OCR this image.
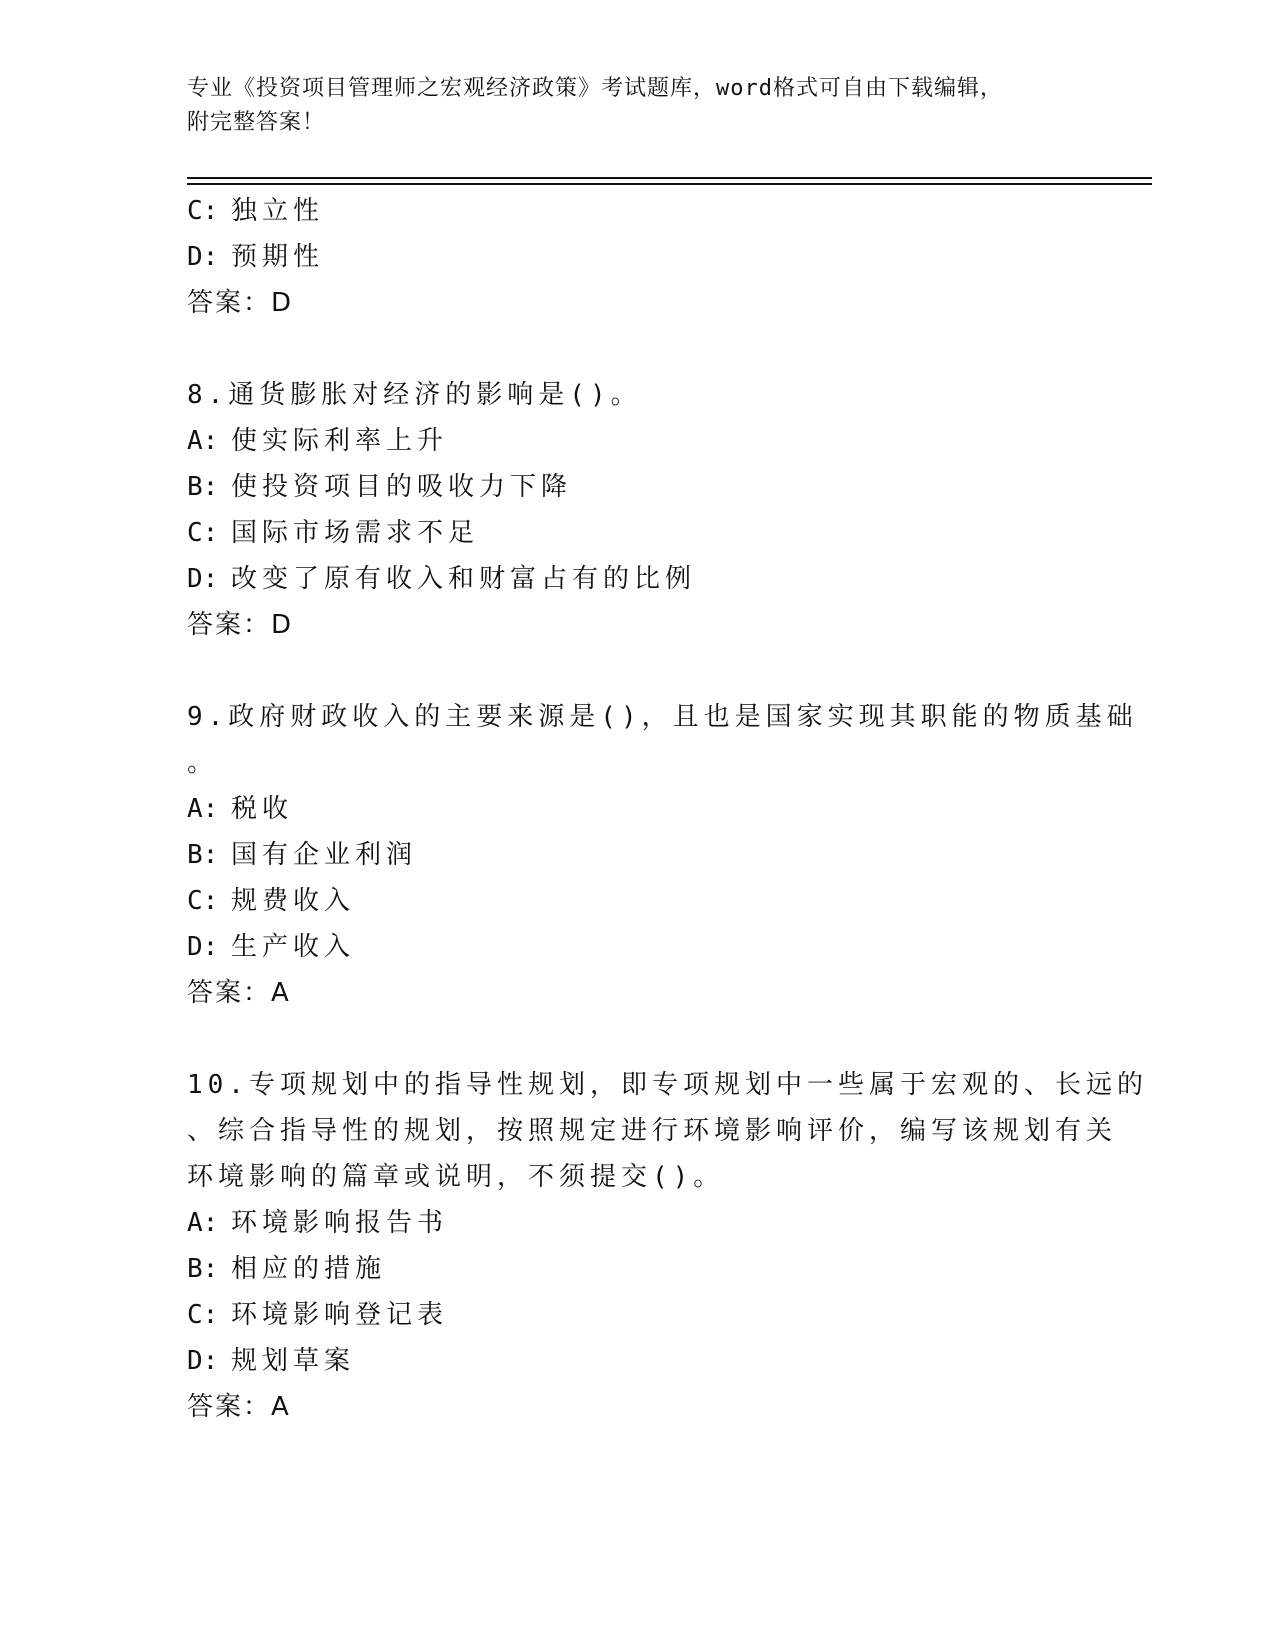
专业《投资项目管理师之宏观经济政策》考试题库，word格式可自由下载编辑，
附完整答案！
C: 独立性
D: 预期性
答案：D
8.通货膨胀对经济的影响是()。
A: 使实际利率上升
B: 使投资项目的吸收力下降
C: 国际市场需求不足
D: 改变了原有收入和财富占有的比例
答案：D
9.政府财政收入的主要来源是()，且也是国家实现其职能的物质基础
。
A: 税收
B: 国有企业利润
C: 规费收入
D: 生产收入
答案：A
10.专项规划中的指导性规划，即专项规划中一些属于宏观的、长远的
、综合指导性的规划，按照规定进行环境影响评价，编写该规划有关
环境影响的篇章或说明，不须提交()。
A: 环境影响报告书
B: 相应的措施
C: 环境影响登记表
D: 规划草案
答案：A
